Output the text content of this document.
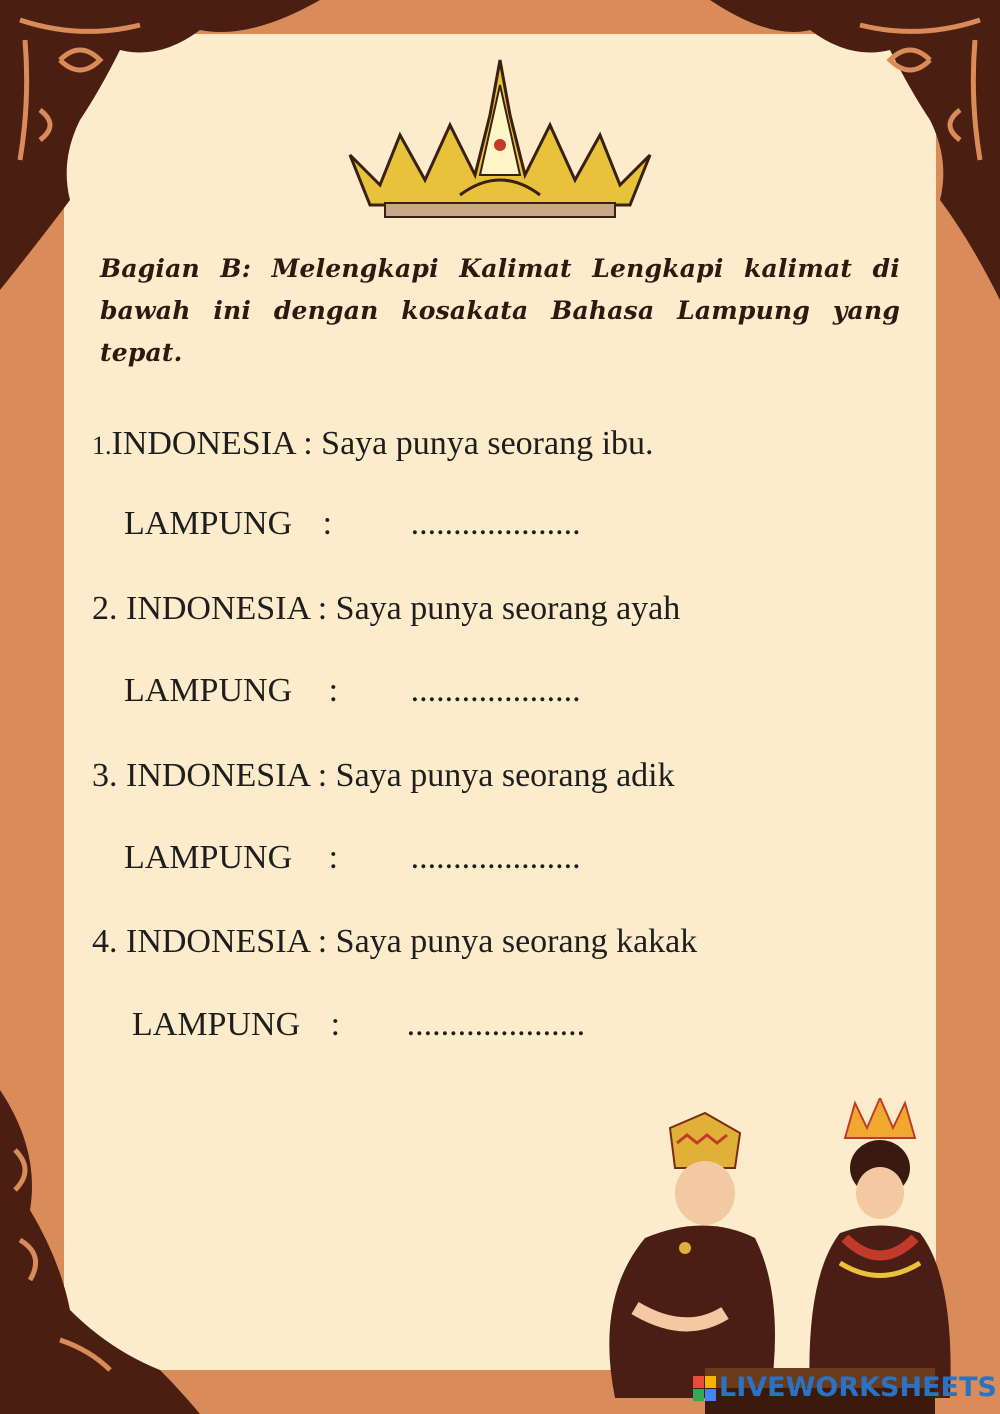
Bagian B: Melengkapi Kalimat Lengkapi kalimat di bawah ini dengan kosakata Bahasa Lampung yang tepat.
1.INDONESIA : Saya punya seorang ibu.
LAMPUNG : ....................
2. INDONESIA : Saya punya seorang ayah
LAMPUNG : ....................
3. INDONESIA : Saya punya seorang adik
LAMPUNG : ....................
4. INDONESIA : Saya punya seorang kakak
LAMPUNG : .....................
LIVEWORKSHEETS
